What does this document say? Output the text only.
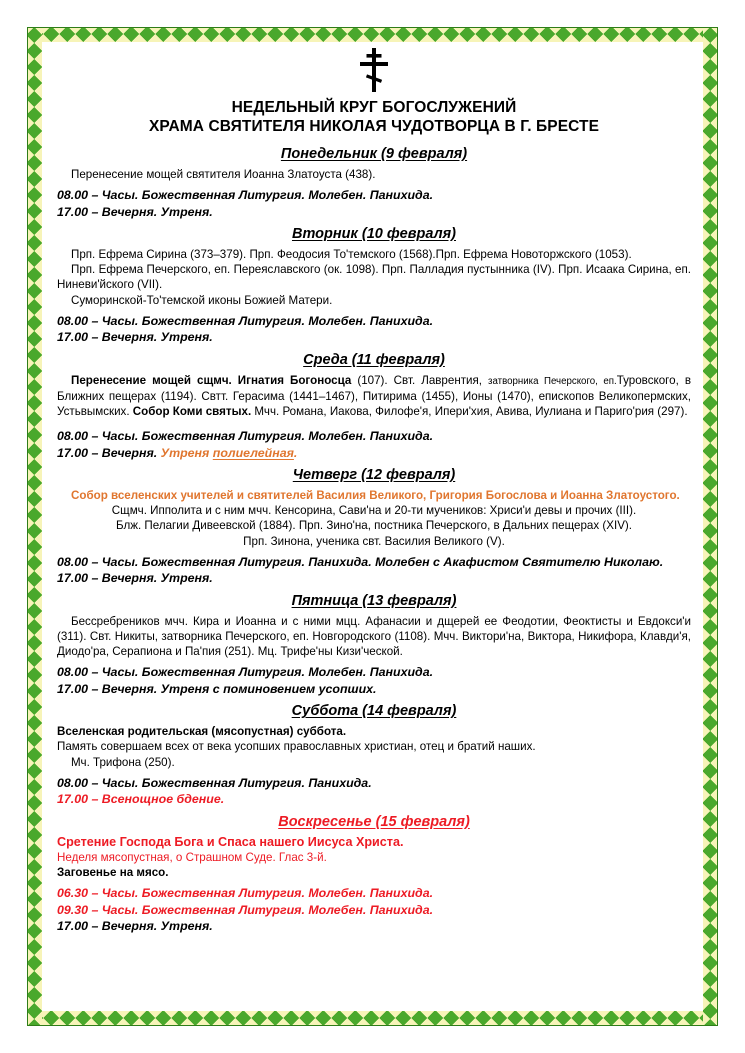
НЕДЕЛЬНЫЙ КРУГ БОГОСЛУЖЕНИЙ
ХРАМА СВЯТИТЕЛЯ НИКОЛАЯ ЧУДОТВОРЦА В Г. БРЕСТЕ
Понедельник (9 февраля)

Перенесение мощей святителя Иоанна Златоуста (438).

08.00 – Часы. Божественная Литургия. Молебен. Панихида.

17.00 – Вечерня. Утреня.

Вторник (10 февраля)

Прп. Ефрема Сирина (373–379). Прп. Феодосия То'темского (1568).Прп. Ефрема Новоторжского (1053).

Прп. Ефрема Печерского, еп. Переяславского (ок. 1098). Прп. Палладия пустынника (IV). Прп. Исаака Сирина, еп. Ниневи'йского (VII).

Суморинской-То'темской иконы Божией Матери.

08.00 – Часы. Божественная Литургия. Молебен. Панихида.

17.00 – Вечерня. Утреня.

Среда (11 февраля)

Перенесение мощей сщмч. Игнатия Богоносца (107). Свт. Лаврентия, затворника Печерского, еп.Туровского, в Ближних пещерах (1194). Свтт. Герасима (1441–1467), Питирима (1455), Ионы (1470), епископов Великопермских, Устьвымских. Собор Коми святых. Мчч. Романа, Иакова, Филофе'я, Ипери'хия, Авива, Иулиана и Париго'рия (297).

08.00 – Часы. Божественная Литургия. Молебен. Панихида.

17.00 – Вечерня. Утреня полиелейная.

Четверг (12 февраля)

Собор вселенских учителей и святителей Василия Великого, Григория Богослова и Иоанна Златоустого.

Сщмч. Ипполита и с ним мчч. Кенсорина, Сави'на и 20-ти мучеников: Хриси'и девы и прочих (III).

Блж. Пелагии Дивеевской (1884). Прп. Зино'на, постника Печерского, в Дальних пещерах (XIV).

Прп. Зинона, ученика свт. Василия Великого (V).

08.00 – Часы. Божественная Литургия. Панихида. Молебен с Акафистом Святителю Николаю.

17.00 – Вечерня. Утреня.

Пятница (13 февраля)

Бессребреников мчч. Кира и Иоанна и с ними мцц. Афанасии и дщерей ее Феодотии, Феоктисты и Евдокси'и (311). Свт. Никиты, затворника Печерского, еп. Новгородского (1108). Мчч. Виктори'на, Виктора, Никифора, Клавди'я, Диодо'ра, Серапиона и Па'пия (251). Мц. Трифе'ны Кизи'ческой.

08.00 – Часы. Божественная Литургия. Молебен. Панихида.

17.00 – Вечерня. Утреня с поминовением усопших.

Суббота (14 февраля)

Вселенская родительская (мясопустная) суббота.

Память совершаем всех от века усопших православных христиан, отец и братий наших.

Мч. Трифона (250).

08.00 – Часы. Божественная Литургия. Панихида.

17.00 – Всенощное бдение.

Воскресенье (15 февраля)

Сретение Господа Бога и Спаса нашего Иисуса Христа.

Неделя мясопустная, о Страшном Суде. Глас 3-й.

Заговенье на мясо.

06.30 – Часы. Божественная Литургия. Молебен. Панихида.

09.30 – Часы. Божественная Литургия. Молебен. Панихида.

17.00 – Вечерня. Утреня.
